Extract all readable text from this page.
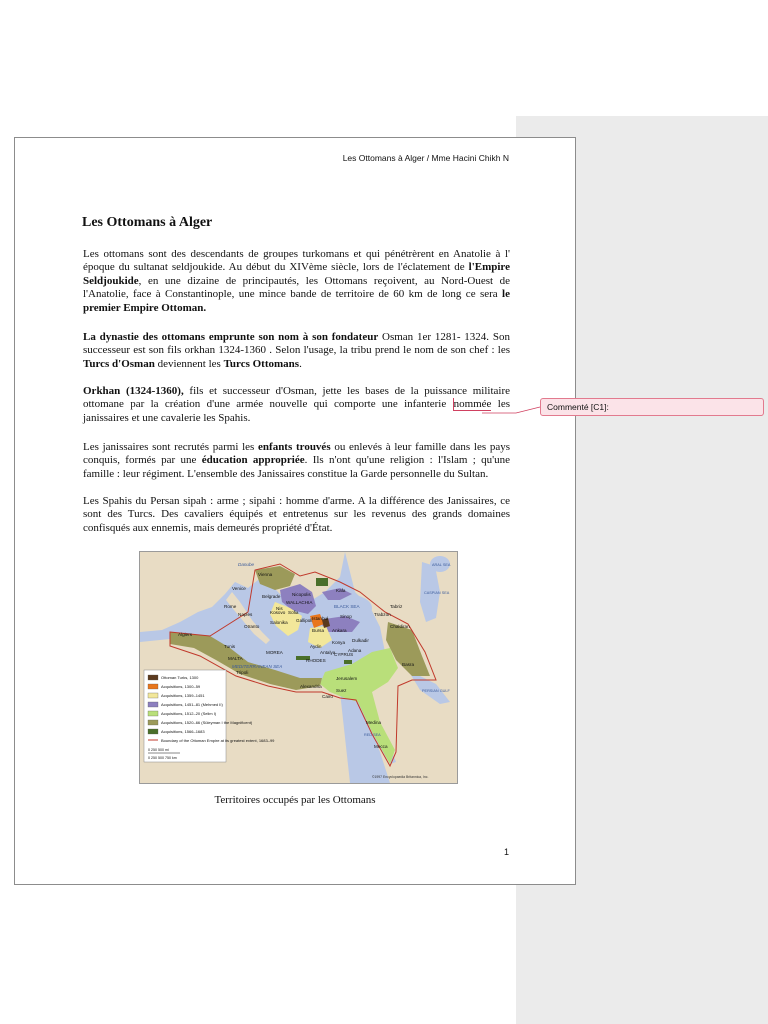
Les Ottomans à Alger / Mme Hacini Chikh N
Les Ottomans à Alger

Les ottomans sont des descendants de groupes turkomans et qui pénétrèrent en Anatolie à l' époque du sultanat seldjoukide. Au début du XIVème siècle, lors de l'éclatement de l'Empire Seldjoukide, en une dizaine de principautés, les Ottomans reçoivent, au Nord-Ouest de l'Anatolie, face à Constantinople, une mince bande de territoire de 60 km de long ce sera le premier Empire Ottoman.

La dynastie des ottomans emprunte son nom à son fondateur Osman 1er 1281- 1324. Son successeur est son fils orkhan 1324-1360 . Selon l'usage, la tribu prend le nom de son chef : les Turcs d'Osman deviennent les Turcs Ottomans.

Orkhan (1324-1360), fils et successeur d'Osman, jette les bases de la puissance militaire ottomane par la création d'une armée nouvelle qui comporte une infanterie nommée les janissaires et une cavalerie les Spahis.

Les janissaires sont recrutés parmi les enfants trouvés ou enlevés à leur famille dans les pays conquis, formés par une éducation appropriée. Ils n'ont qu'une religion : l'Islam ; qu'une famille : leur régiment. L'ensemble des Janissaires constitue la Garde personnelle du Sultan.

Les Spahis du Persan sipah : arme ; sipahi : homme d'arme. A la différence des Janissaires, ce sont des Turcs. Des cavaliers équipés et entretenus sur les revenus des grands domaines confisqués aux ennemis, mais demeurés propriété d'État.

Danube
Vienna
Venice
Rome
Naples
Otranto
Algiers
Tunis
MALTA
Tripoli
MOREA
Belgrade	Nicopolis
WALLACHIA
Nis
Kosovo Sofia
Gallipoli
Salonika
Istanbul
Kafa
BLACK SEA
Sinop	Trabzon
Bursa Ankara
Tabriz
Chaldiran
ARAL SEA
CASPIAN SEA
MEDITERRANEAN SEA
RHODES
CYPRUS
Aydin
Antalya
Konya
Adana
Dulkadir
Alexandria
Cairo
Jerusalem
Suez
Basra
PERSIAN GULF
Medina
Mecca
RED SEA
Ottoman Turks, 1300
Acquisitions, 1300–59
Acquisitions, 1359–1451
Acquisitions, 1451–81 (Mehmed II)
Acquisitions, 1512–20 (Selim I)
Acquisitions, 1520–66 (Süleyman I the Magnificent)
Acquisitions, 1566–1683
Boundary of the Ottoman Empire at its greatest extent, 1683–99
0 250 500 mi
0 250 500 750 km
©1997 Encyclopaedia Britannica, Inc.
Territoires occupés par les Ottomans
1
Commenté [C1]:
